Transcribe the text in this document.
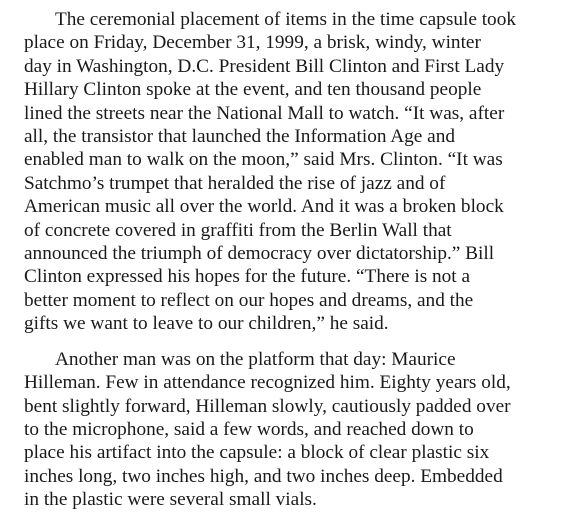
The ceremonial placement of items in the time capsule took
place on Friday, December 31, 1999, a brisk, windy, winter
day in Washington, D.C. President Bill Clinton and First Lady
Hillary Clinton spoke at the event, and ten thousand people
lined the streets near the National Mall to watch. “It was, after
all, the transistor that launched the Information Age and
enabled man to walk on the moon,” said Mrs. Clinton. “It was
Satchmo’s trumpet that heralded the rise of jazz and of
American music all over the world. And it was a broken block
of concrete covered in graffiti from the Berlin Wall that
announced the triumph of democracy over dictatorship.” Bill
Clinton expressed his hopes for the future. “There is not a
better moment to reflect on our hopes and dreams, and the
gifts we want to leave to our children,” he said.

Another man was on the platform that day: Maurice
Hilleman. Few in attendance recognized him. Eighty years old,
bent slightly forward, Hilleman slowly, cautiously padded over
to the microphone, said a few words, and reached down to
place his artifact into the capsule: a block of clear plastic six
inches long, two inches high, and two inches deep. Embedded
in the plastic were several small vials.
